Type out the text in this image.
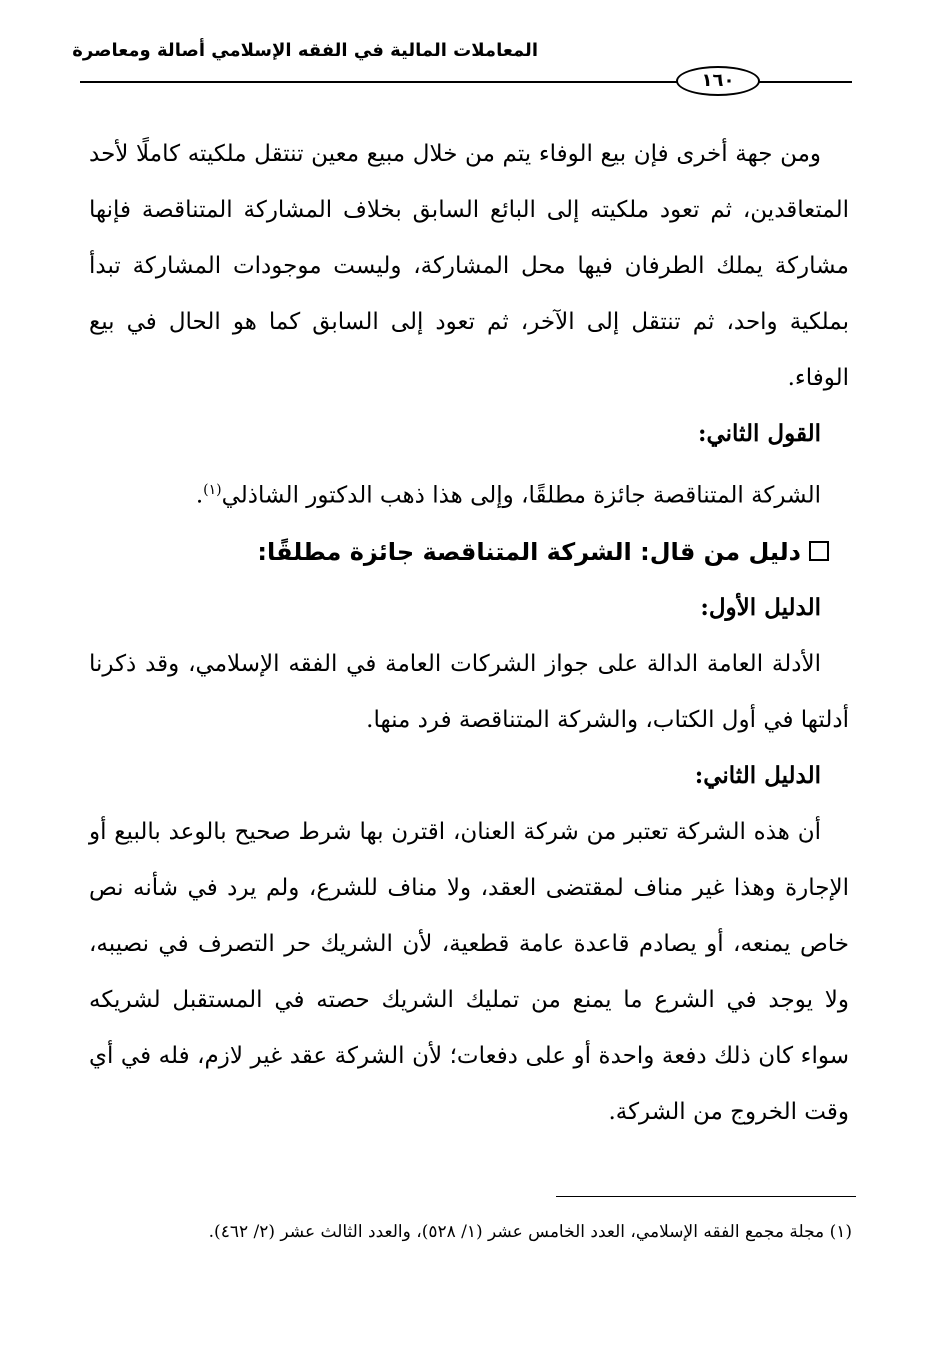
المعاملات المالية في الفقه الإسلامي أصالة ومعاصرة
١٦٠

ومن جهة أخرى فإن بيع الوفاء يتم من خلال مبيع معين تنتقل ملكيته كاملًا لأحد المتعاقدين، ثم تعود ملكيته إلى البائع السابق بخلاف المشاركة المتناقصة فإنها مشاركة يملك الطرفان فيها محل المشاركة، وليست موجودات المشاركة تبدأ بملكية واحد، ثم تنتقل إلى الآخر، ثم تعود إلى السابق كما هو الحال في بيع الوفاء.

القول الثاني:

الشركة المتناقصة جائزة مطلقًا، وإلى هذا ذهب الدكتور الشاذلي$^{(١)}$.

دليل من قال: الشركة المتناقصة جائزة مطلقًا:

الدليل الأول:

الأدلة العامة الدالة على جواز الشركات العامة في الفقه الإسلامي، وقد ذكرنا أدلتها في أول الكتاب، والشركة المتناقصة فرد منها.

الدليل الثاني:

أن هذه الشركة تعتبر من شركة العنان، اقترن بها شرط صحيح بالوعد بالبيع أو الإجارة وهذا غير مناف لمقتضى العقد، ولا مناف للشرع، ولم يرد في شأنه نص خاص يمنعه، أو يصادم قاعدة عامة قطعية، لأن الشريك حر التصرف في نصيبه، ولا يوجد في الشرع ما يمنع من تمليك الشريك حصته في المستقبل لشريكه سواء كان ذلك دفعة واحدة أو على دفعات؛ لأن الشركة عقد غير لازم، فله في أي وقت الخروج من الشركة.

(١) مجلة مجمع الفقه الإسلامي، العدد الخامس عشر (١/ ٥٢٨)، والعدد الثالث عشر (٢/ ٤٦٢).
